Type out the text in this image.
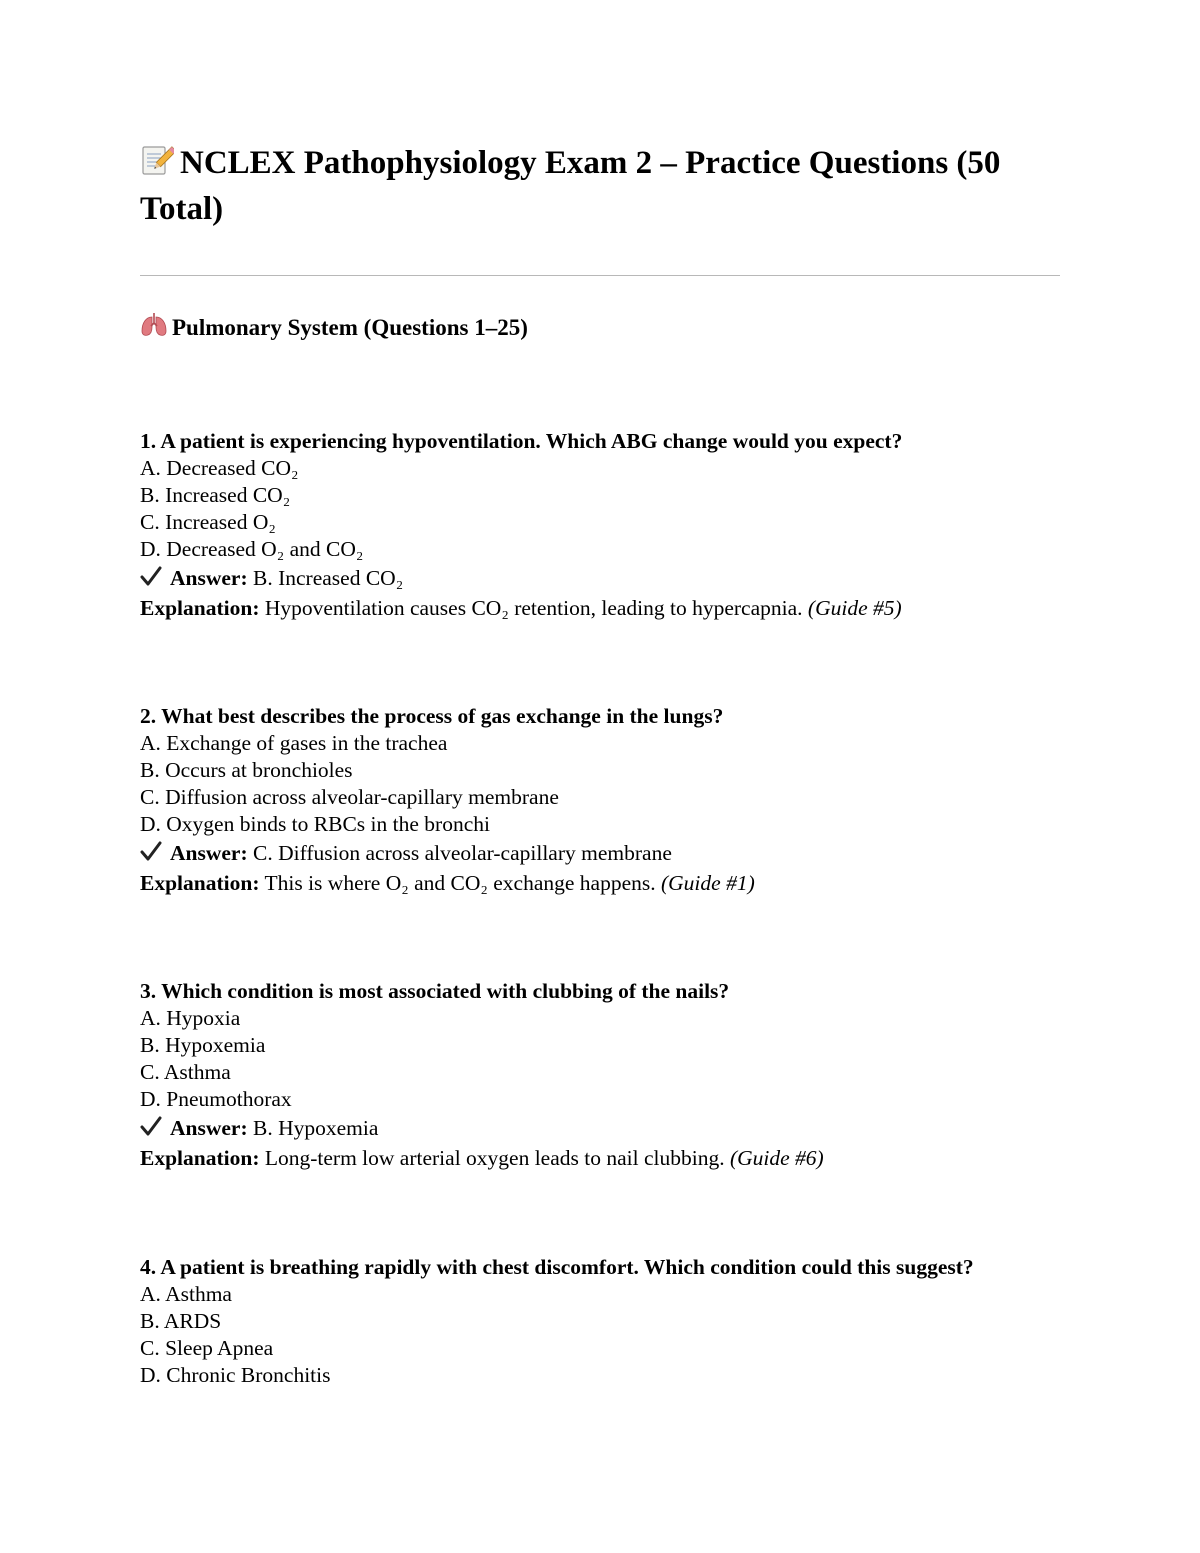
NCLEX Pathophysiology Exam 2 – Practice Questions (50 Total)
Pulmonary System (Questions 1–25)
1. A patient is experiencing hypoventilation. Which ABG change would you expect?
A. Decreased CO₂
B. Increased CO₂
C. Increased O₂
D. Decreased O₂ and CO₂
Answer: B. Increased CO₂
Explanation: Hypoventilation causes CO₂ retention, leading to hypercapnia. (Guide #5)
2. What best describes the process of gas exchange in the lungs?
A. Exchange of gases in the trachea
B. Occurs at bronchioles
C. Diffusion across alveolar-capillary membrane
D. Oxygen binds to RBCs in the bronchi
Answer: C. Diffusion across alveolar-capillary membrane
Explanation: This is where O₂ and CO₂ exchange happens. (Guide #1)
3. Which condition is most associated with clubbing of the nails?
A. Hypoxia
B. Hypoxemia
C. Asthma
D. Pneumothorax
Answer: B. Hypoxemia
Explanation: Long-term low arterial oxygen leads to nail clubbing. (Guide #6)
4. A patient is breathing rapidly with chest discomfort. Which condition could this suggest?
A. Asthma
B. ARDS
C. Sleep Apnea
D. Chronic Bronchitis
